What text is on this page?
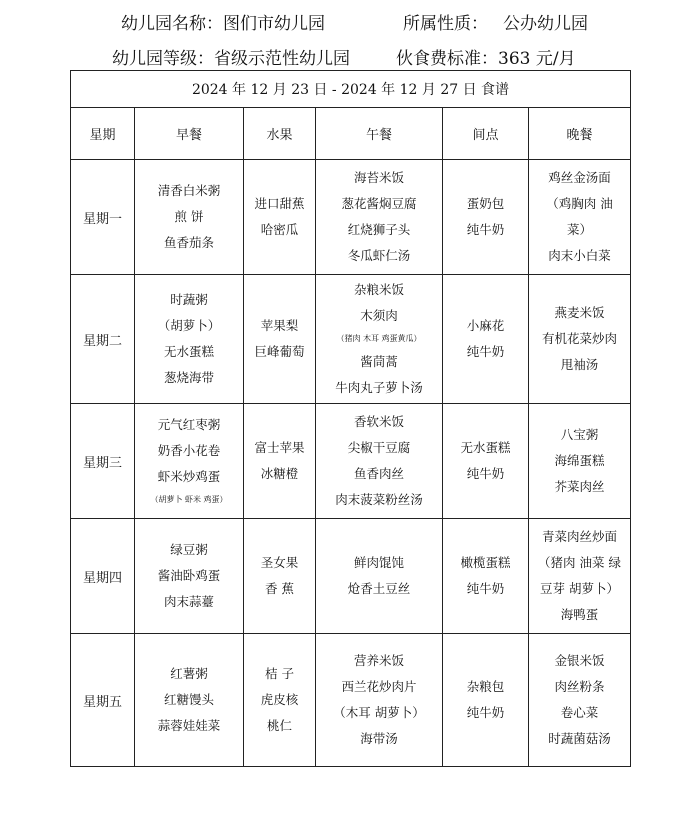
幼儿园名称：图们市幼儿园	所属性质： 公办幼儿园
幼儿园等级：省级示范性幼儿园	伙食费标准：363 元/月
2024 年 12 月 23 日 - 2024 年 12 月 27 日 食谱					
星期	早餐	水果	午餐	间点	晚餐
星期一	清香白米粥
煎 饼
鱼香茄条	进口甜蕉
哈密瓜	海苔米饭
葱花酱焖豆腐
红烧狮子头
冬瓜虾仁汤	蛋奶包
纯牛奶	鸡丝金汤面
（鸡胸肉 油
菜）
肉末小白菜

星期二	时蔬粥
（胡萝卜）
无水蛋糕
葱烧海带	苹果梨
巨峰葡萄	杂粮米饭
木须肉
（猪肉 木耳 鸡蛋黄瓜）
酱茼蒿
牛肉丸子萝卜汤	小麻花
纯牛奶	燕麦米饭
有机花菜炒肉
甩袖汤

星期三	元气红枣粥
奶香小花卷
虾米炒鸡蛋
（胡萝卜 虾米 鸡蛋）	富士苹果
冰糖橙	香软米饭
尖椒干豆腐
鱼香肉丝
肉末菠菜粉丝汤	无水蛋糕
纯牛奶	八宝粥
海绵蛋糕
芥菜肉丝

星期四	绿豆粥
酱油卧鸡蛋
肉末蒜薹	圣女果
香 蕉	鲜肉馄饨
炝香土豆丝	橄榄蛋糕
纯牛奶	青菜肉丝炒面
（猪肉 油菜 绿
豆芽 胡萝卜）
海鸭蛋

星期五	红薯粥
红糖馒头
蒜蓉娃娃菜	桔 子
虎皮核
桃仁	营养米饭
西兰花炒肉片
（木耳 胡萝卜）
海带汤	杂粮包
纯牛奶	金银米饭
肉丝粉条
卷心菜
时蔬菌菇汤
